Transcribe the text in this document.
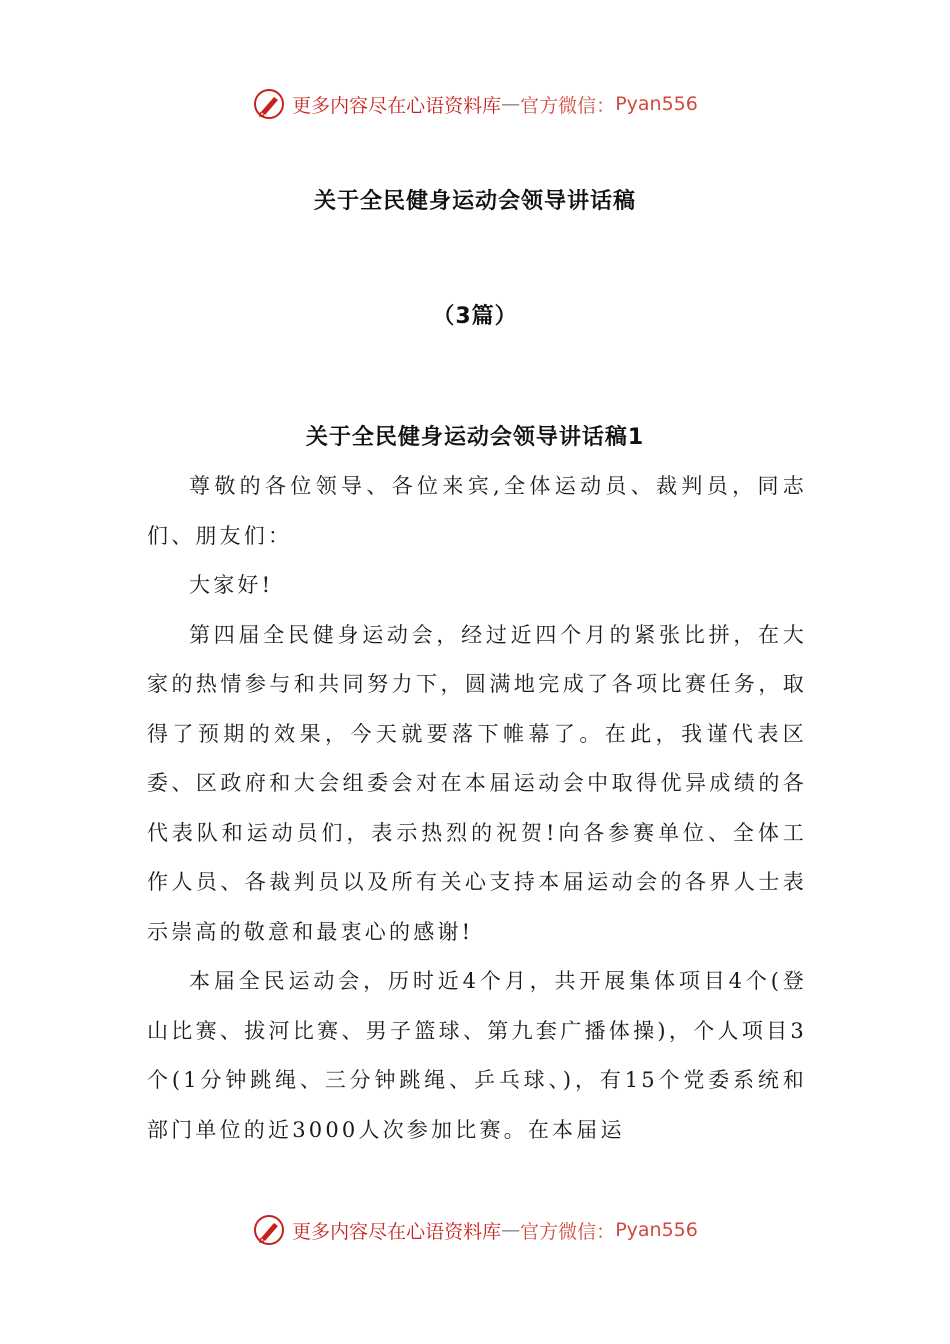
更多内容尽在心语资料库 — 官方微信： Pyan556
关于全民健身运动会领导讲话稿
（3篇）
关于全民健身运动会领导讲话稿1

尊敬的各位领导、各位来宾,全体运动员、裁判员，同志们、朋友们：

大家好!

第四届全民健身运动会，经过近四个月的紧张比拼，在大家的热情参与和共同努力下，圆满地完成了各项比赛任务，取得了预期的效果，今天就要落下帷幕了。在此，我谨代表区委、区政府和大会组委会对在本届运动会中取得优异成绩的各代表队和运动员们，表示热烈的祝贺!向各参赛单位、全体工作人员、各裁判员以及所有关心支持本届运动会的各界人士表示崇高的敬意和最衷心的感谢!

本届全民运动会，历时近4个月，共开展集体项目4个(登山比赛、拔河比赛、男子篮球、第九套广播体操)，个人项目3个(1分钟跳绳、三分钟跳绳、乒乓球、)，有15个党委系统和部门单位的近3000人次参加比赛。在本届运

更多内容尽在心语资料库 — 官方微信： Pyan556
